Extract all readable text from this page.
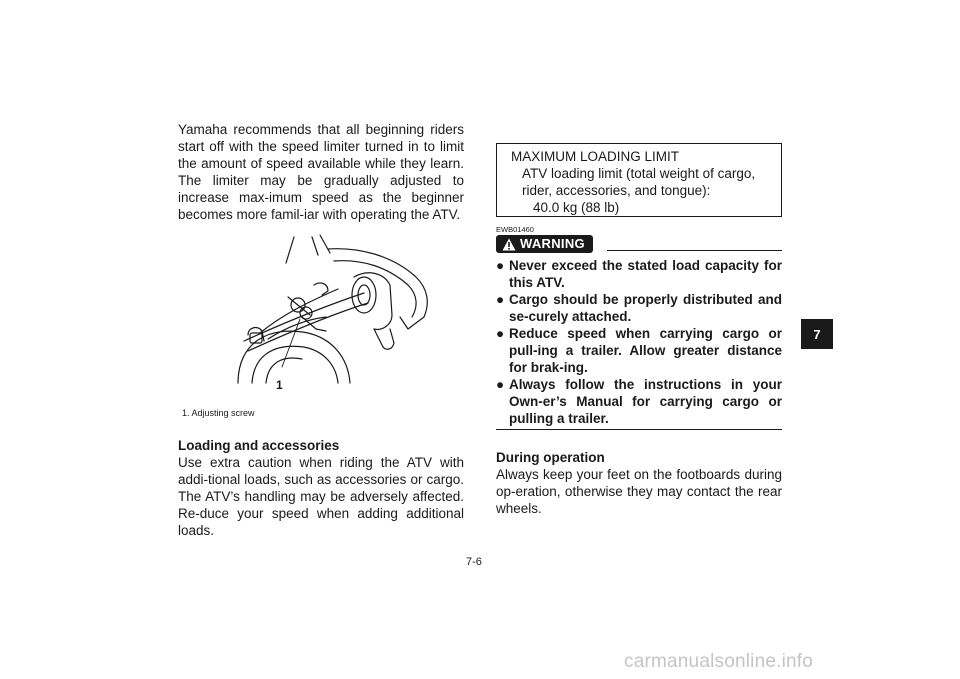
Yamaha recommends that all beginning riders start off with the speed limiter turned in to limit the amount of speed available while they learn. The limiter may be gradually adjusted to increase max-imum speed as the beginner becomes more famil-iar with operating the ATV.

1

1. Adjusting screw

Loading and accessories

Use extra caution when riding the ATV with addi-tional loads, such as accessories or cargo. The ATV’s handling may be adversely affected. Re-duce your speed when adding additional loads.

MAXIMUM LOADING LIMIT

ATV loading limit (total weight of cargo, rider, accessories, and tongue):

40.0 kg (88 lb)

EWB01460
WARNING
● Never exceed the stated load capacity for this ATV.
● Cargo should be properly distributed and se-curely attached.
● Reduce speed when carrying cargo or pull-ing a trailer. Allow greater distance for brak-ing.
● Always follow the instructions in your Own-er’s Manual for carrying cargo or pulling a trailer.

During operation

Always keep your feet on the footboards during op-eration, otherwise they may contact the rear wheels.

7-6
7
carmanualsonline.info
